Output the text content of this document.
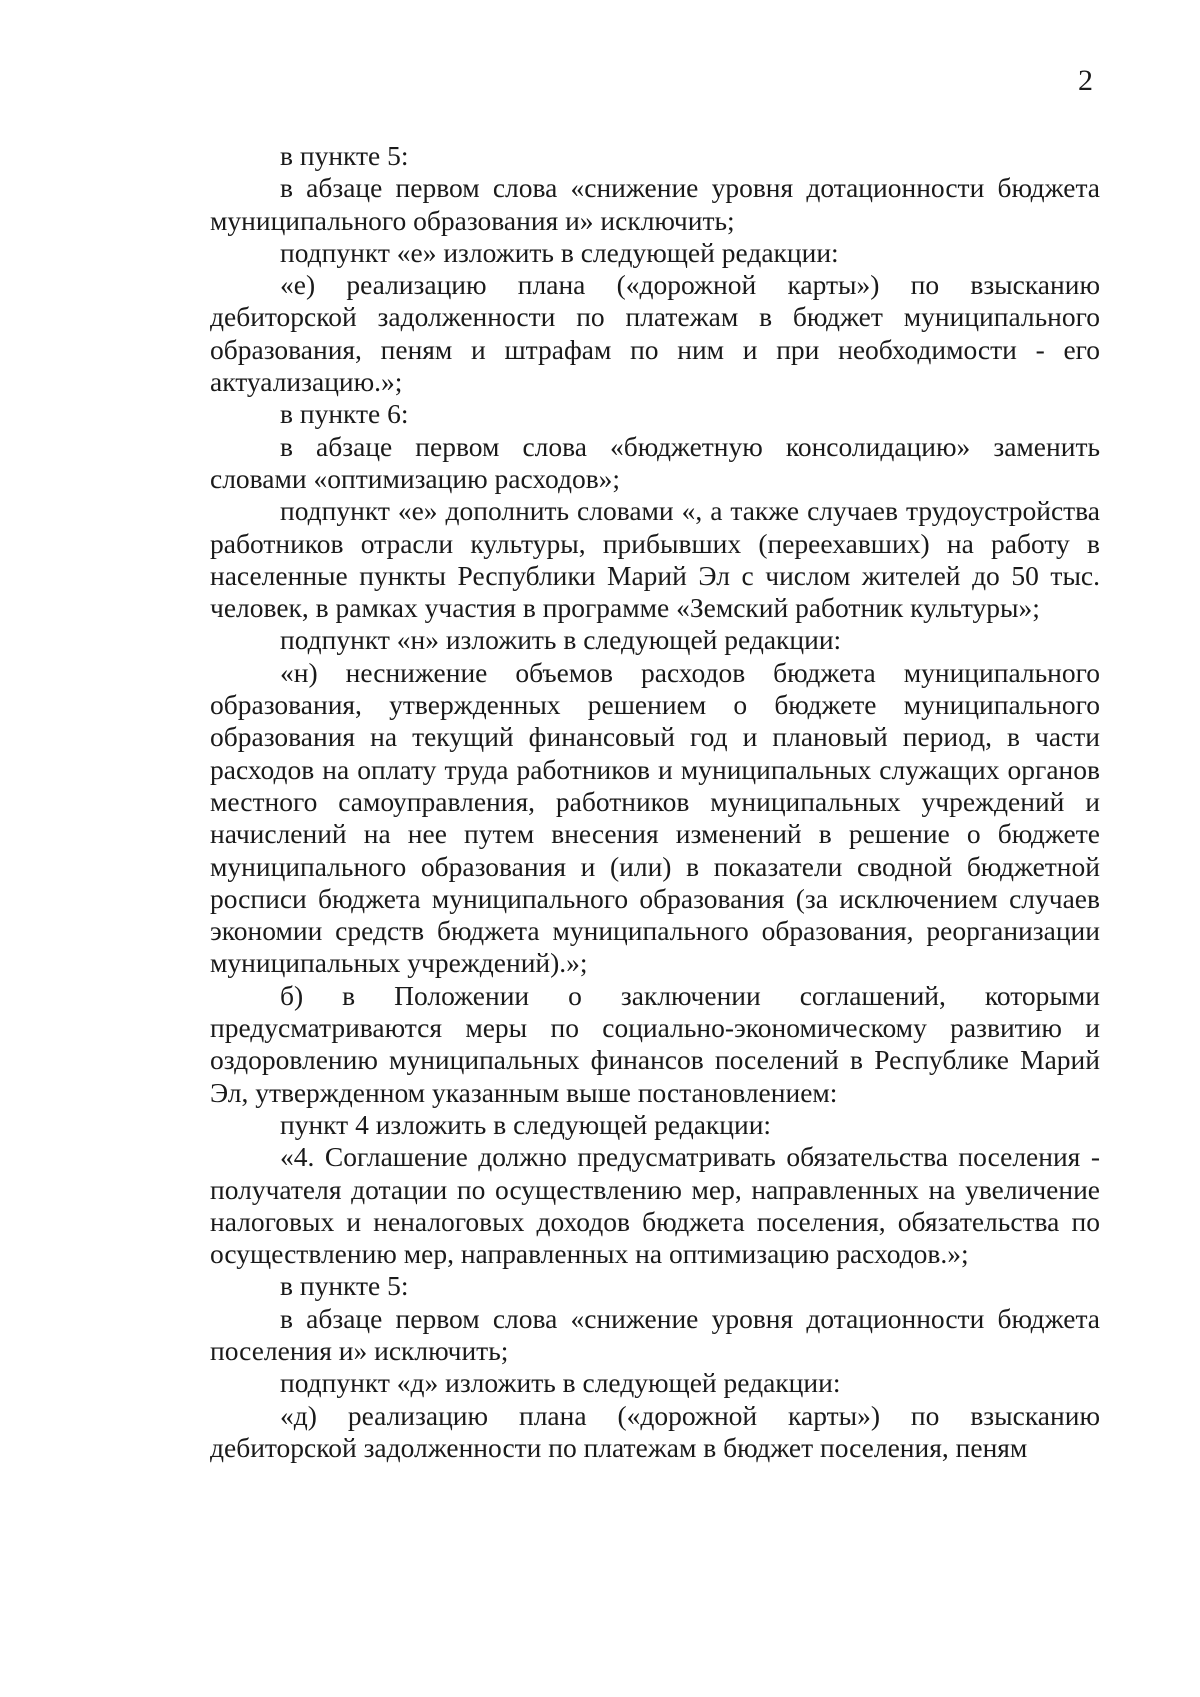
2

в пункте 5:

в абзаце первом слова «снижение уровня дотационности бюджета муниципального образования и» исключить;

подпункт «е» изложить в следующей редакции:

«е) реализацию плана («дорожной карты») по взысканию дебиторской задолженности по платежам в бюджет муниципального образования, пеням и штрафам по ним и при необходимости - его актуализацию.»;

в пункте 6:

в абзаце первом слова «бюджетную консолидацию» заменить словами «оптимизацию расходов»;

подпункт «е» дополнить словами «, а также случаев трудоустройства работников отрасли культуры, прибывших (переехавших) на работу в населенные пункты Республики Марий Эл с числом жителей до 50 тыс. человек, в рамках участия в программе «Земский работник культуры»;

подпункт «н» изложить в следующей редакции:

«н) неснижение объемов расходов бюджета муниципального образования, утвержденных решением о бюджете муниципального образования на текущий финансовый год и плановый период, в части расходов на оплату труда работников и муниципальных служащих органов местного самоуправления, работников муниципальных учреждений и начислений на нее путем внесения изменений в решение о бюджете муниципального образования и (или) в показатели сводной бюджетной росписи бюджета муниципального образования (за исключением случаев экономии средств бюджета муниципального образования, реорганизации муниципальных учреждений).»;

б) в Положении о заключении соглашений, которыми предусматриваются меры по социально-экономическому развитию и оздоровлению муниципальных финансов поселений в Республике Марий Эл, утвержденном указанным выше постановлением:

пункт 4 изложить в следующей редакции:

«4. Соглашение должно предусматривать обязательства поселения - получателя дотации по осуществлению мер, направленных на увеличение налоговых и неналоговых доходов бюджета поселения, обязательства по осуществлению мер, направленных на оптимизацию расходов.»;

в пункте 5:

в абзаце первом слова «снижение уровня дотационности бюджета поселения и» исключить;

подпункт «д» изложить в следующей редакции:

«д) реализацию плана («дорожной карты») по взысканию дебиторской задолженности по платежам в бюджет поселения, пеням
